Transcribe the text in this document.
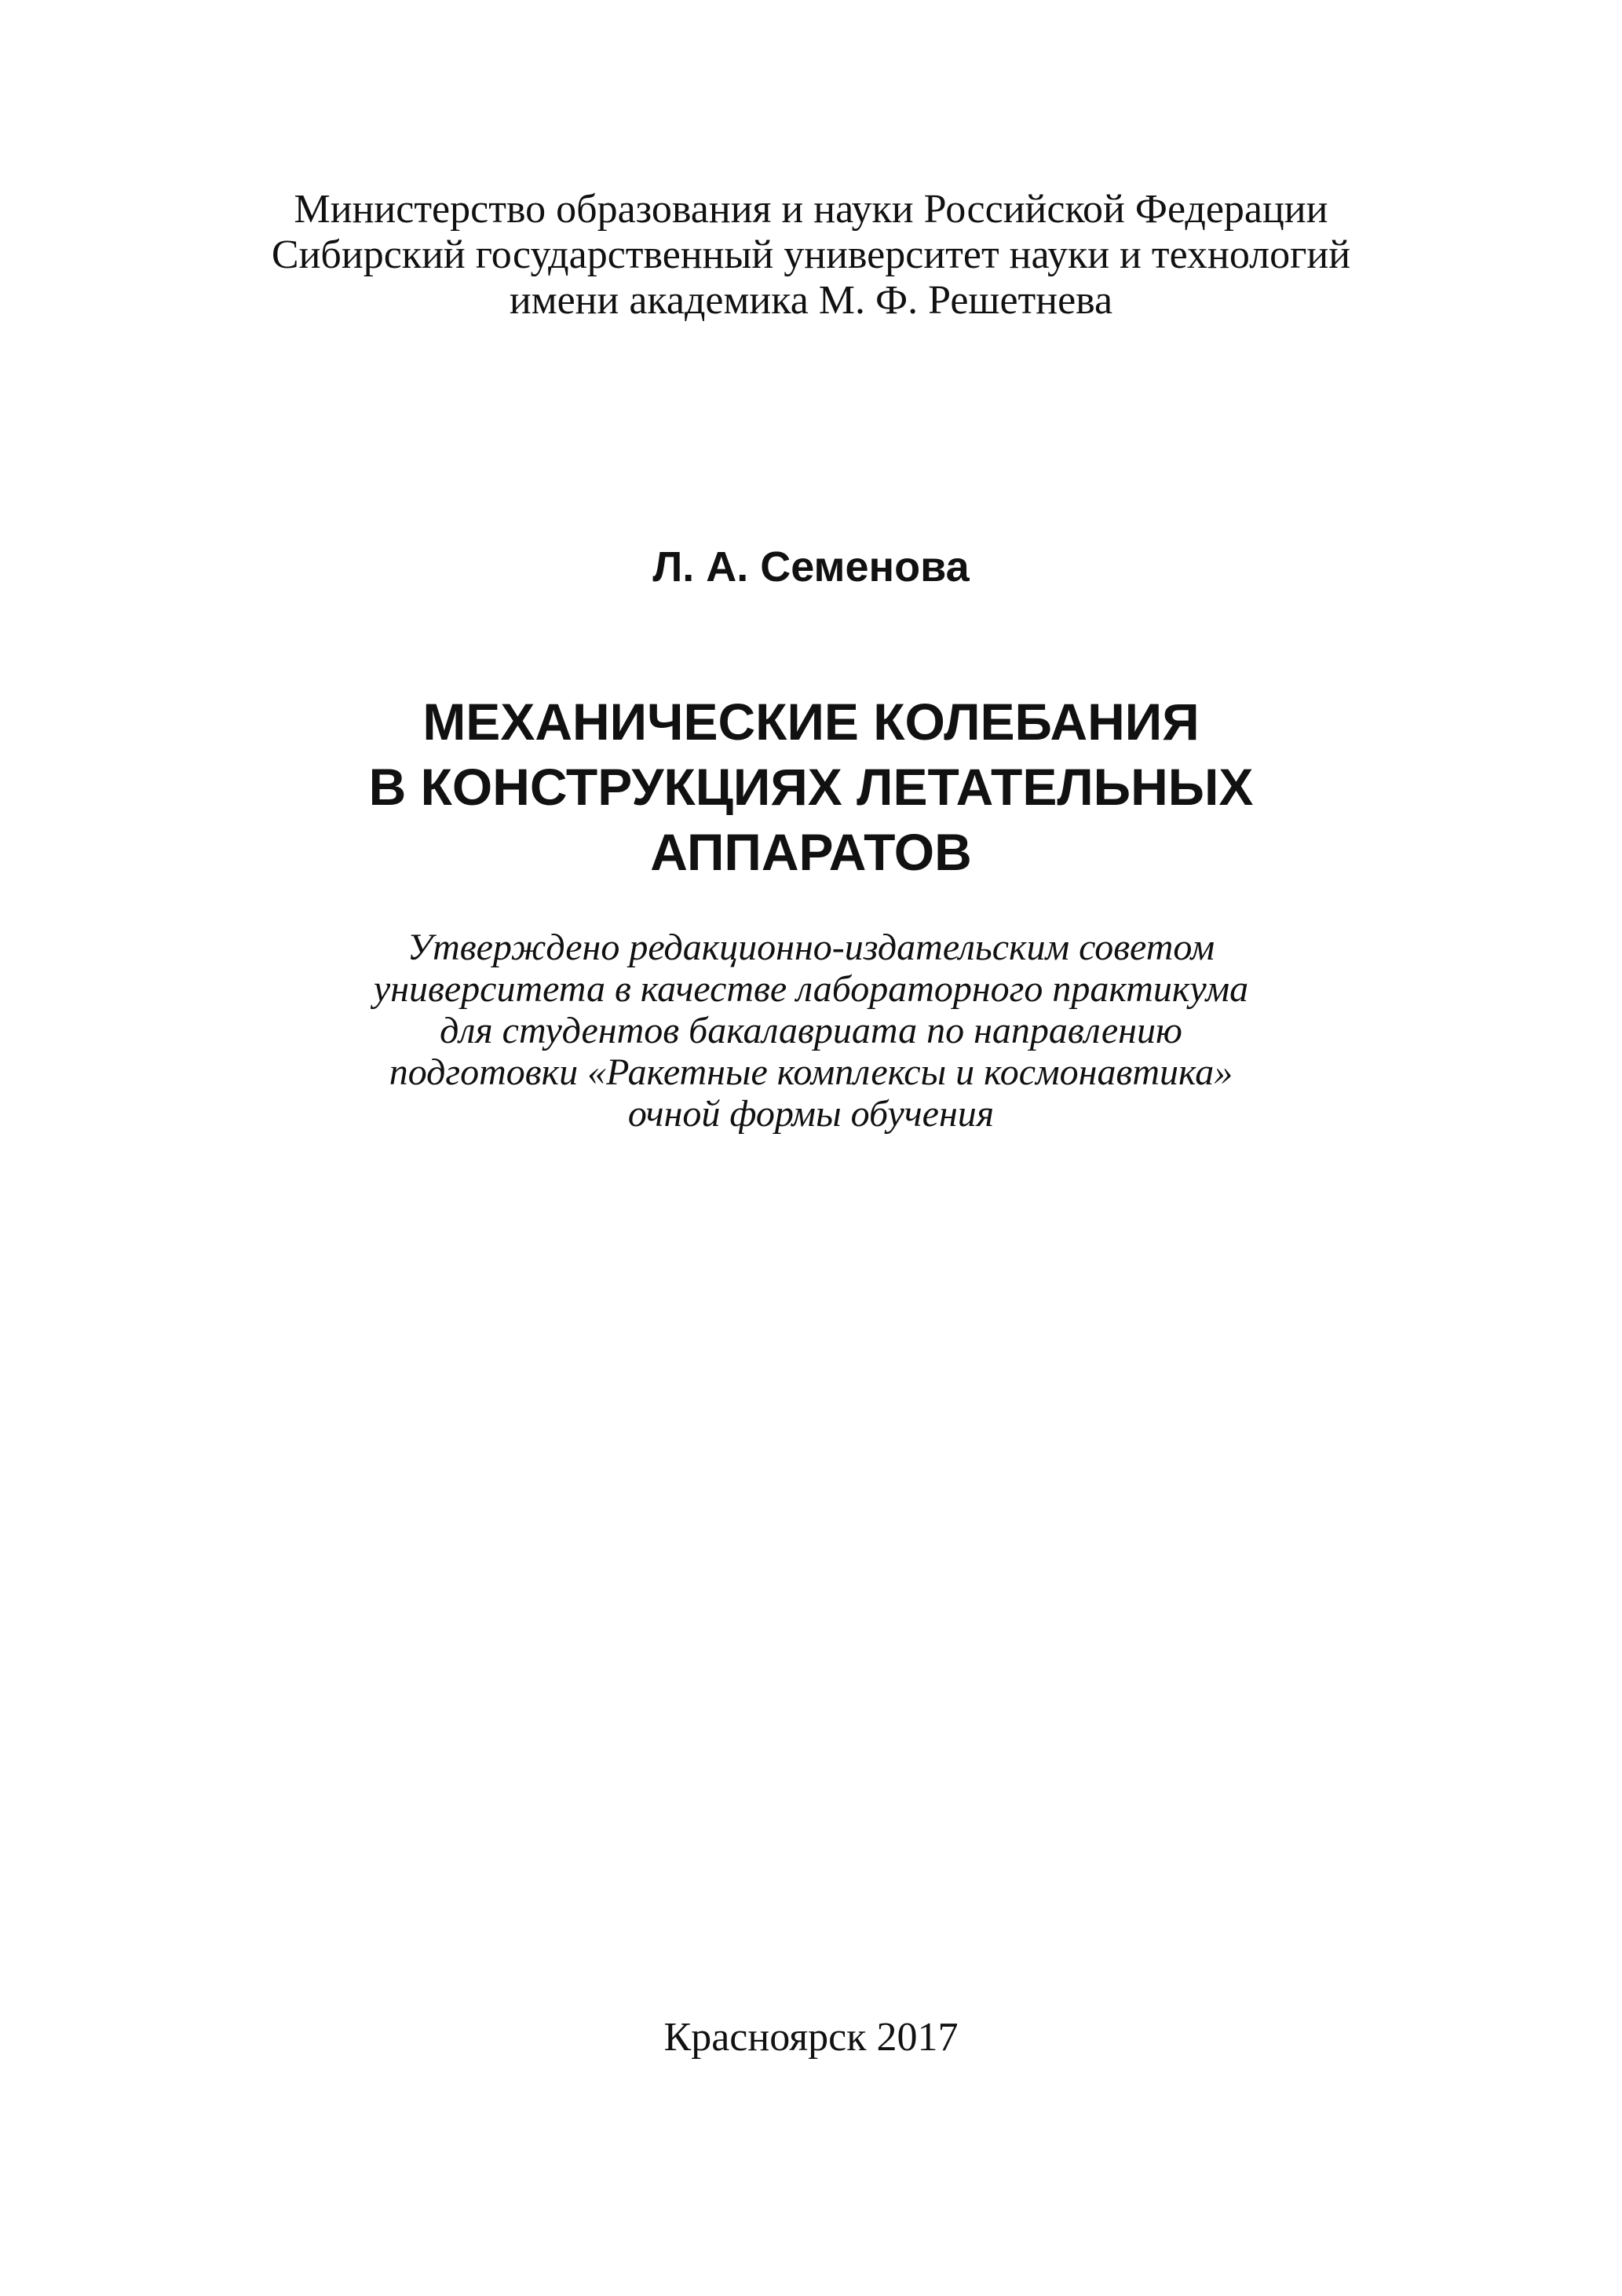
Министерство образования и науки Российской Федерации
Сибирский государственный университет науки и технологий
имени академика М. Ф. Решетнева
Л. А. Семенова
МЕХАНИЧЕСКИЕ КОЛЕБАНИЯ
В КОНСТРУКЦИЯХ ЛЕТАТЕЛЬНЫХ
АППАРАТОВ
Утверждено редакционно-издательским советом
университета в качестве лабораторного практикума
для студентов бакалавриата по направлению
подготовки «Ракетные комплексы и космонавтика»
очной формы обучения
Красноярск 2017
